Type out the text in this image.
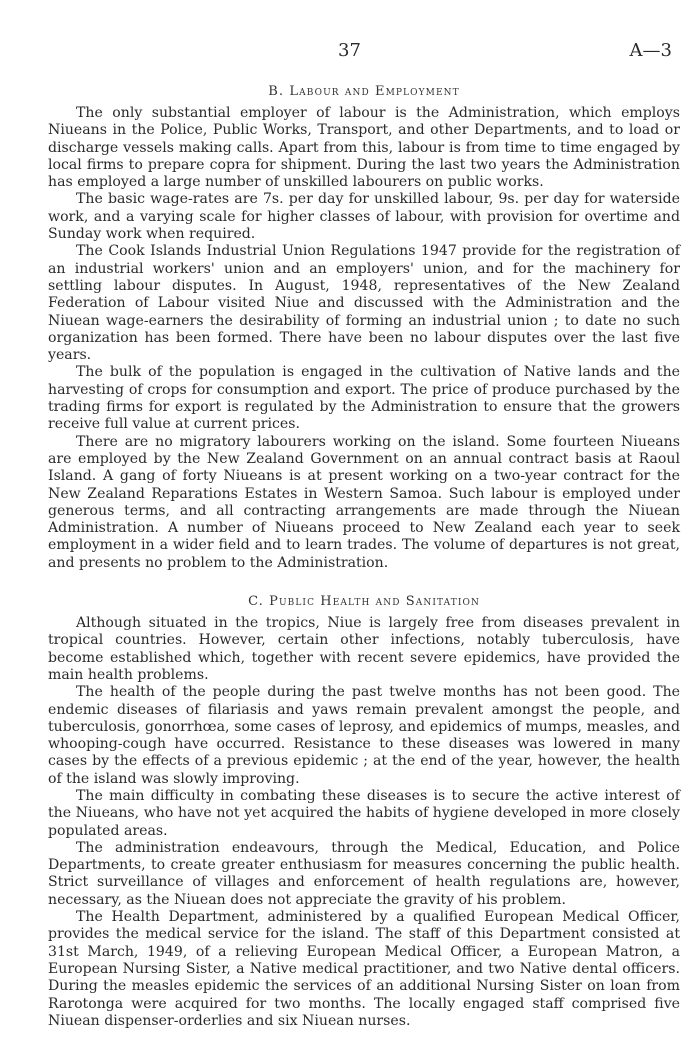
37	A—3
B. Labour and Employment

The only substantial employer of labour is the Administration, which employs Niueans in the Police, Public Works, Transport, and other Departments, and to load or discharge vessels making calls. Apart from this, labour is from time to time engaged by local firms to prepare copra for shipment. During the last two years the Administration has employed a large number of unskilled labourers on public works.

The basic wage-rates are 7s. per day for unskilled labour, 9s. per day for waterside work, and a varying scale for higher classes of labour, with provision for overtime and Sunday work when required.

The Cook Islands Industrial Union Regulations 1947 provide for the registration of an industrial workers' union and an employers' union, and for the machinery for settling labour disputes. In August, 1948, representatives of the New Zealand Federation of Labour visited Niue and discussed with the Administration and the Niuean wage-earners the desirability of forming an industrial union ; to date no such organization has been formed. There have been no labour disputes over the last five years.

The bulk of the population is engaged in the cultivation of Native lands and the harvesting of crops for consumption and export. The price of produce purchased by the trading firms for export is regulated by the Administration to ensure that the growers receive full value at current prices.

There are no migratory labourers working on the island. Some fourteen Niueans are employed by the New Zealand Government on an annual contract basis at Raoul Island. A gang of forty Niueans is at present working on a two-year contract for the New Zealand Reparations Estates in Western Samoa. Such labour is employed under generous terms, and all contracting arrangements are made through the Niuean Administration. A number of Niueans proceed to New Zealand each year to seek employment in a wider field and to learn trades. The volume of departures is not great, and presents no problem to the Administration.

C. Public Health and Sanitation

Although situated in the tropics, Niue is largely free from diseases prevalent in tropical countries. However, certain other infections, notably tuberculosis, have become established which, together with recent severe epidemics, have provided the main health problems.

The health of the people during the past twelve months has not been good. The endemic diseases of filariasis and yaws remain prevalent amongst the people, and tuberculosis, gonorrhœa, some cases of leprosy, and epidemics of mumps, measles, and whooping-cough have occurred. Resistance to these diseases was lowered in many cases by the effects of a previous epidemic ; at the end of the year, however, the health of the island was slowly improving.

The main difficulty in combating these diseases is to secure the active interest of the Niueans, who have not yet acquired the habits of hygiene developed in more closely populated areas.

The administration endeavours, through the Medical, Education, and Police Departments, to create greater enthusiasm for measures concerning the public health. Strict surveillance of villages and enforcement of health regulations are, however, necessary, as the Niuean does not appreciate the gravity of his problem.

The Health Department, administered by a qualified European Medical Officer, provides the medical service for the island. The staff of this Department consisted at 31st March, 1949, of a relieving European Medical Officer, a European Matron, a European Nursing Sister, a Native medical practitioner, and two Native dental officers. During the measles epidemic the services of an additional Nursing Sister on loan from Rarotonga were acquired for two months. The locally engaged staff comprised five Niuean dispenser-orderlies and six Niuean nurses.
